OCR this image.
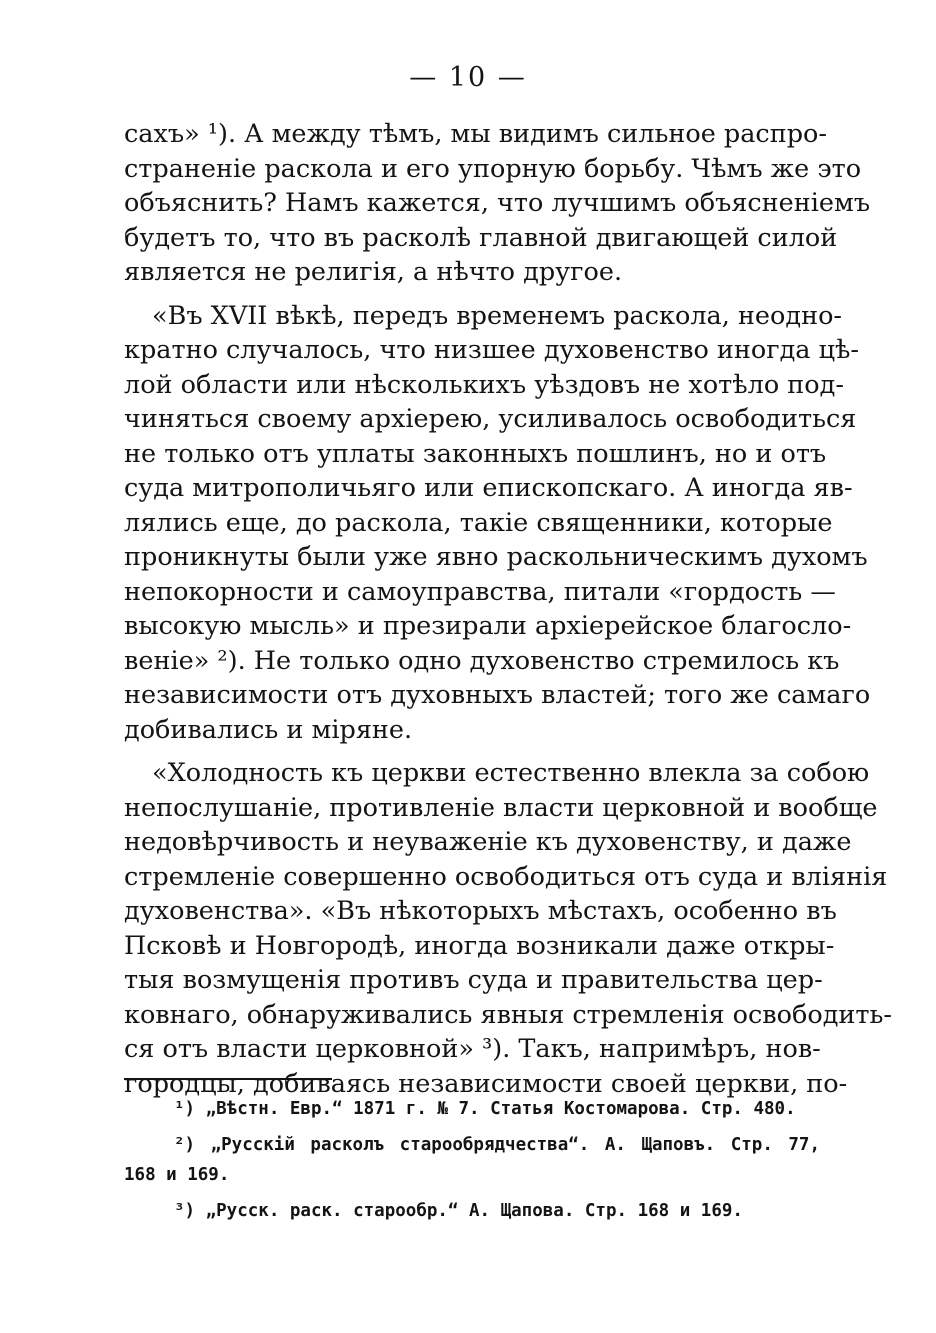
— 10 —
сахъ» ¹). А между тѣмъ, мы видимъ сильное распро-
страненіе раскола и его упорную борьбу. Чѣмъ же это
объяснить? Намъ кажется, что лучшимъ объясненіемъ
будетъ то, что въ расколѣ главной двигающей силой
является не религія, а нѣчто другое.
«Въ XVII вѣкѣ, передъ временемъ раскола, неодно-
кратно случалось, что низшее духовенство иногда цѣ-
лой области или нѣсколькихъ уѣздовъ не хотѣло под-
чиняться своему архіерею, усиливалось освободиться
не только отъ уплаты законныхъ пошлинъ, но и отъ
суда митрополичьяго или епископскаго. А иногда яв-
лялись еще, до раскола, такіе священники, которые
проникнуты были уже явно раскольническимъ духомъ
непокорности и самоуправства, питали «гордость —
высокую мысль» и презирали архіерейское благосло-
веніе» ²). Не только одно духовенство стремилось къ
независимости отъ духовныхъ властей; того же самаго
добивались и міряне.
«Холодность къ церкви естественно влекла за собою
непослушаніе, противленіе власти церковной и вообще
недовѣрчивость и неуваженіе къ духовенству, и даже
стремленіе совершенно освободиться отъ суда и вліянія
духовенства». «Въ нѣкоторыхъ мѣстахъ, особенно въ
Псковѣ и Новгородѣ, иногда возникали даже откры-
тыя возмущенія противъ суда и правительства цер-
ковнаго, обнаруживались явныя стремленія освободить-
ся отъ власти церковной» ³). Такъ, напримѣръ, нов-
городцы, добиваясь независимости своей церкви, по-
¹) „Вѣстн. Евр.“ 1871 г. № 7. Статья Костомарова. Стр. 480.
²) „Русскій расколъ старообрядчества“. А. Щаповъ. Стр. 77,
168 и 169.
³) „Русск. раск. старообр.“ А. Щапова. Стр. 168 и 169.
